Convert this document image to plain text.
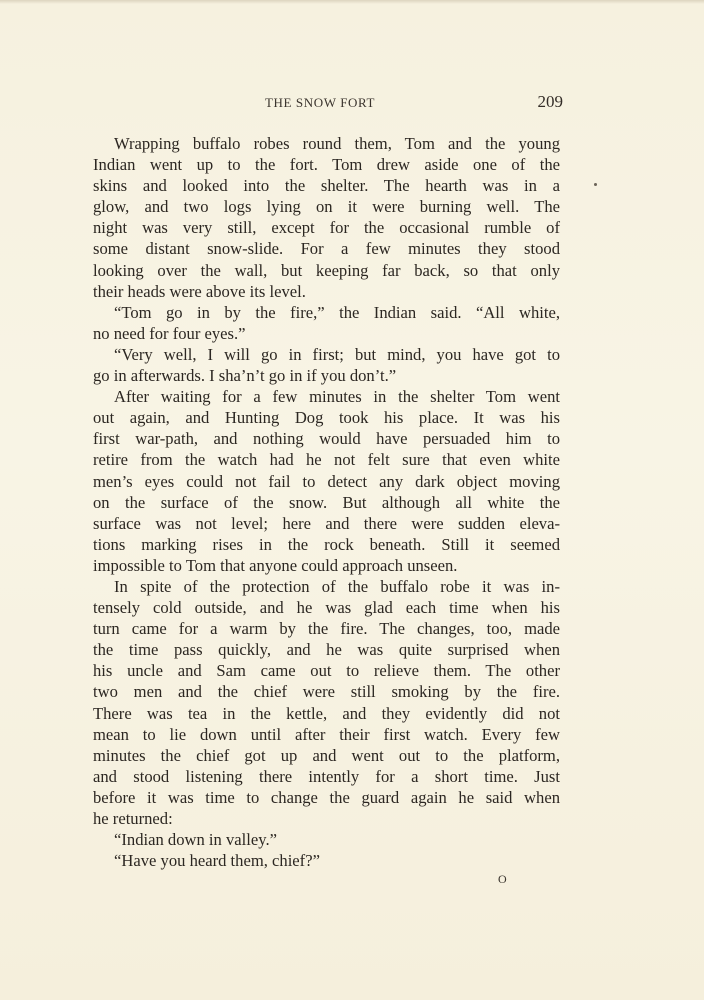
THE SNOW FORT	209
Wrapping buffalo robes round them, Tom and the young
Indian went up to the fort. Tom drew aside one of the
skins and looked into the shelter. The hearth was in a
glow, and two logs lying on it were burning well. The
night was very still, except for the occasional rumble of
some distant snow-slide. For a few minutes they stood
looking over the wall, but keeping far back, so that only
their heads were above its level.
“Tom go in by the fire,” the Indian said. “All white,
no need for four eyes.”
“Very well, I will go in first; but mind, you have got to
go in afterwards. I sha’n’t go in if you don’t.”
After waiting for a few minutes in the shelter Tom went
out again, and Hunting Dog took his place. It was his
first war-path, and nothing would have persuaded him to
retire from the watch had he not felt sure that even white
men’s eyes could not fail to detect any dark object moving
on the surface of the snow. But although all white the
surface was not level; here and there were sudden eleva-
tions marking rises in the rock beneath. Still it seemed
impossible to Tom that anyone could approach unseen.
In spite of the protection of the buffalo robe it was in-
tensely cold outside, and he was glad each time when his
turn came for a warm by the fire. The changes, too, made
the time pass quickly, and he was quite surprised when
his uncle and Sam came out to relieve them. The other
two men and the chief were still smoking by the fire.
There was tea in the kettle, and they evidently did not
mean to lie down until after their first watch. Every few
minutes the chief got up and went out to the platform,
and stood listening there intently for a short time. Just
before it was time to change the guard again he said when
he returned:
“Indian down in valley.”
“Have you heard them, chief?”
O
